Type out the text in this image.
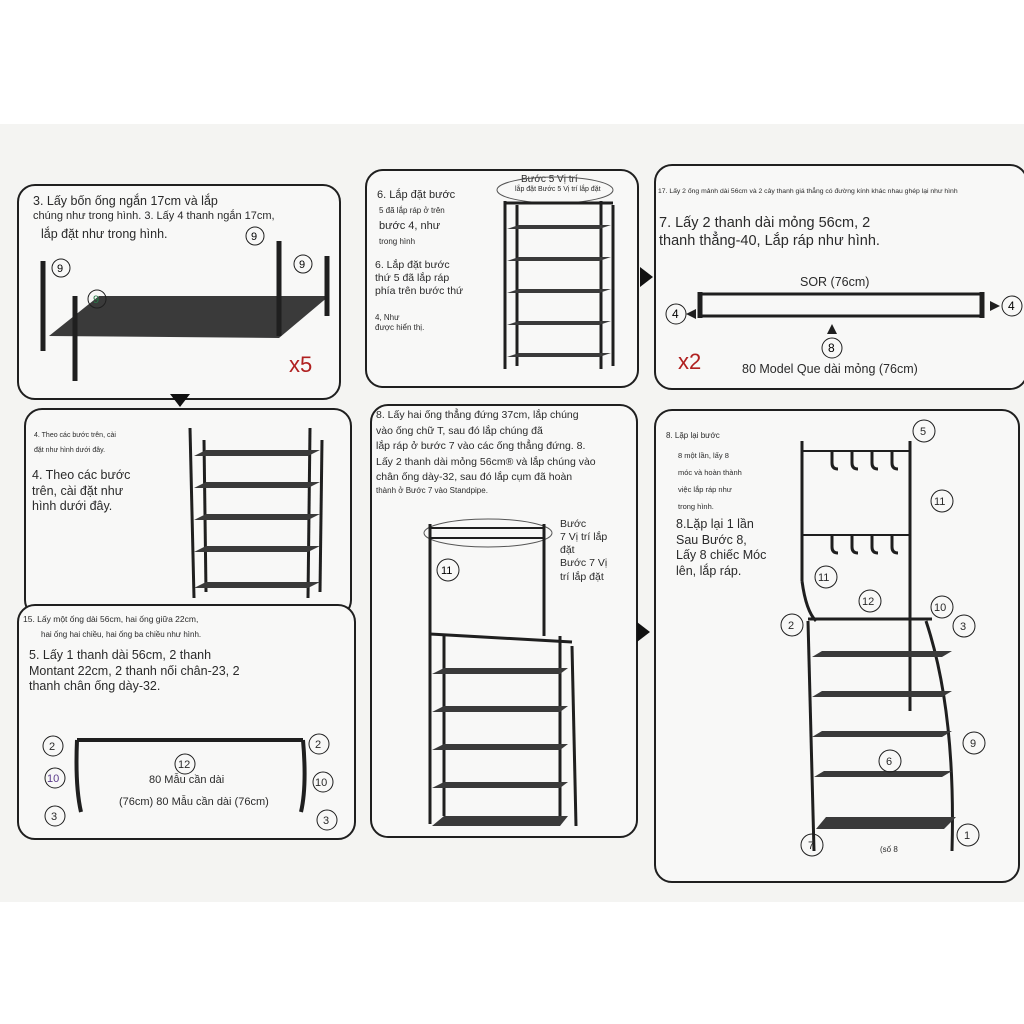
3. Lấy bốn ống ngắn 17cm và lắp
chúng như trong hình. 3. Lấy 4 thanh ngắn 17cm,
lắp đặt như trong hình.
9
9
9
9
x5
6. Lắp đặt bước
5 đã lắp ráp ở trên
bước 4, như
trong hình
6. Lắp đặt bước
thứ 5 đã lắp ráp
phía trên bước thứ
4, Như
được hiển thị.
Bước 5 Vị trí
lắp đặt Bước 5 Vị trí lắp đặt	17. Lấy 2 ống mảnh dài 56cm và 2 cây thanh giá thẳng có đường kính khác nhau ghép lại như hình
7. Lấy 2 thanh dài mỏng 56cm, 2
thanh thẳng-40, Lắp ráp như hình.
4
4
8
SOR (76cm)
x2	80 Model Que dài mỏng (76cm)
4. Theo các bước trên, cài
đặt như hình dưới đây.
4. Theo các bước
trên, cài đặt như
hình dưới đây.
8. Lấy hai ống thẳng đứng 37cm, lắp chúng
vào ống chữ T, sau đó lắp chúng đã
lắp ráp ở bước 7 vào các ống thẳng đứng. 8.
Lấy 2 thanh dài mỏng 56cm® và lắp chúng vào
chân ống dày-32, sau đó lắp cụm đã hoàn
thành ở Bước 7 vào Standpipe.
Bước
7 Vị trí lắp
đặt
Bước 7 Vị
trí lắp đặt
11
8. Lặp lại bước
8 một lần, lấy 8
móc và hoàn thành
việc lắp ráp như
trong hình.
8.Lặp lại 1 lần
Sau Bước 8,
Lấy 8 chiếc Móc
lên, lắp ráp.
5
11
11
12	10
2	3
9
6
7
1
(số 8
15. Lấy một ống dài 56cm, hai ống giữa 22cm,
hai ống hai chiều, hai ống ba chiều như hình.
5. Lấy 1 thanh dài 56cm, 2 thanh
Montant 22cm, 2 thanh nối chân-23, 2
thanh chân ống dày-32.
2
12
2
10	10
3	3
80 Mẫu cần dài
(76cm) 80 Mẫu cần dài (76cm)
